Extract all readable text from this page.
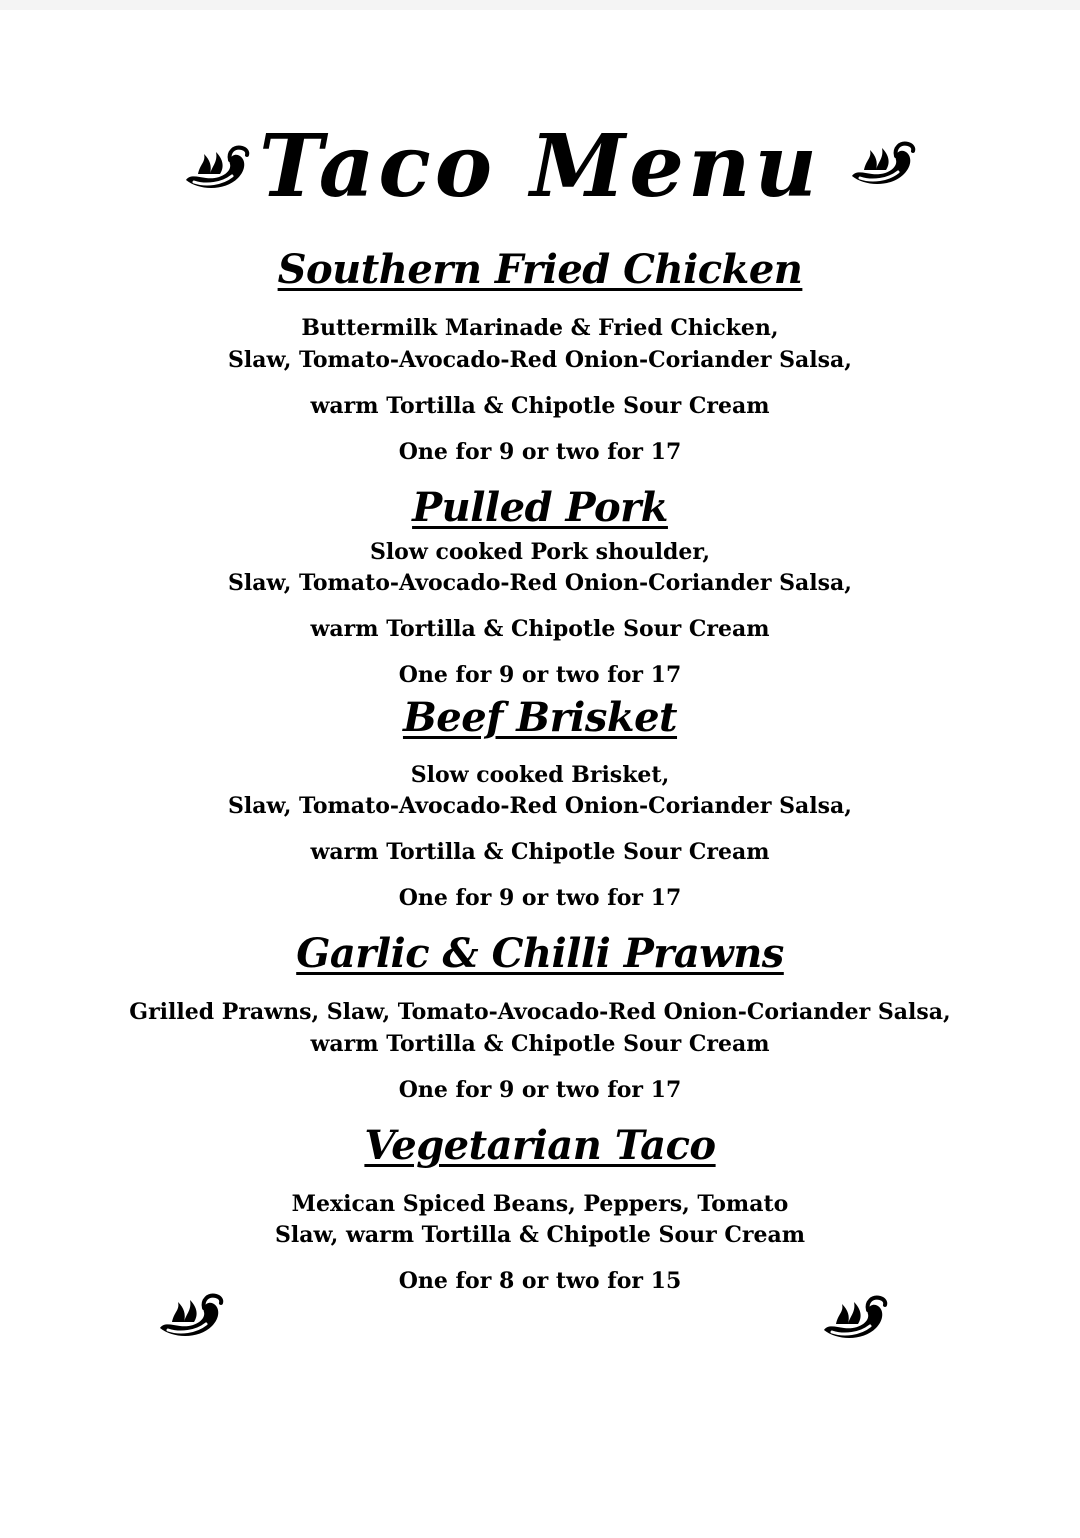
Taco Menu
Southern Fried Chicken

Buttermilk Marinade & Fried Chicken,

Slaw, Tomato-Avocado-Red Onion-Coriander Salsa,

warm Tortilla & Chipotle Sour Cream

One for 9 or two for 17

Pulled Pork

Slow cooked Pork shoulder,

Slaw, Tomato-Avocado-Red Onion-Coriander Salsa,

warm Tortilla & Chipotle Sour Cream

One for 9 or two for 17

Beef Brisket

Slow cooked Brisket,

Slaw, Tomato-Avocado-Red Onion-Coriander Salsa,

warm Tortilla & Chipotle Sour Cream

One for 9 or two for 17

Garlic & Chilli Prawns

Grilled Prawns, Slaw, Tomato-Avocado-Red Onion-Coriander Salsa,

warm Tortilla & Chipotle Sour Cream

One for 9 or two for 17

Vegetarian Taco

Mexican Spiced Beans, Peppers, Tomato

Slaw, warm Tortilla & Chipotle Sour Cream

One for 8 or two for 15
